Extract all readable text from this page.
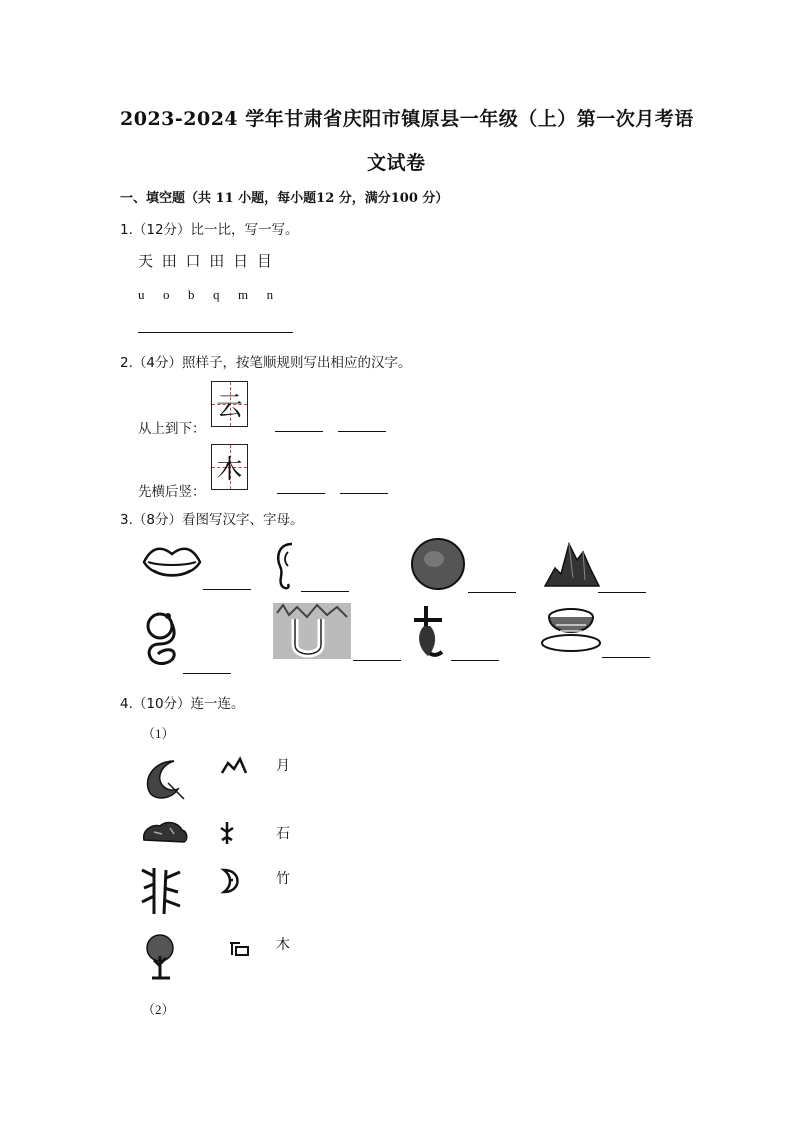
2023-2024 学年甘肃省庆阳市镇原县一年级（上）第一次月考语
文试卷
一、填空题（共 11 小题，每小题12 分，满分100 分）
1.（12分）比一比，写一写。
天 田 口 田 日 目
u  o  b  q  m  n
2.（4分）照样子，按笔顺规则写出相应的汉字。
从上到下：
云
先横后竖：
木
3.（8分）看图写汉字、字母。
4.（10分）连一连。
（1）
月
石
竹
木
（2）
